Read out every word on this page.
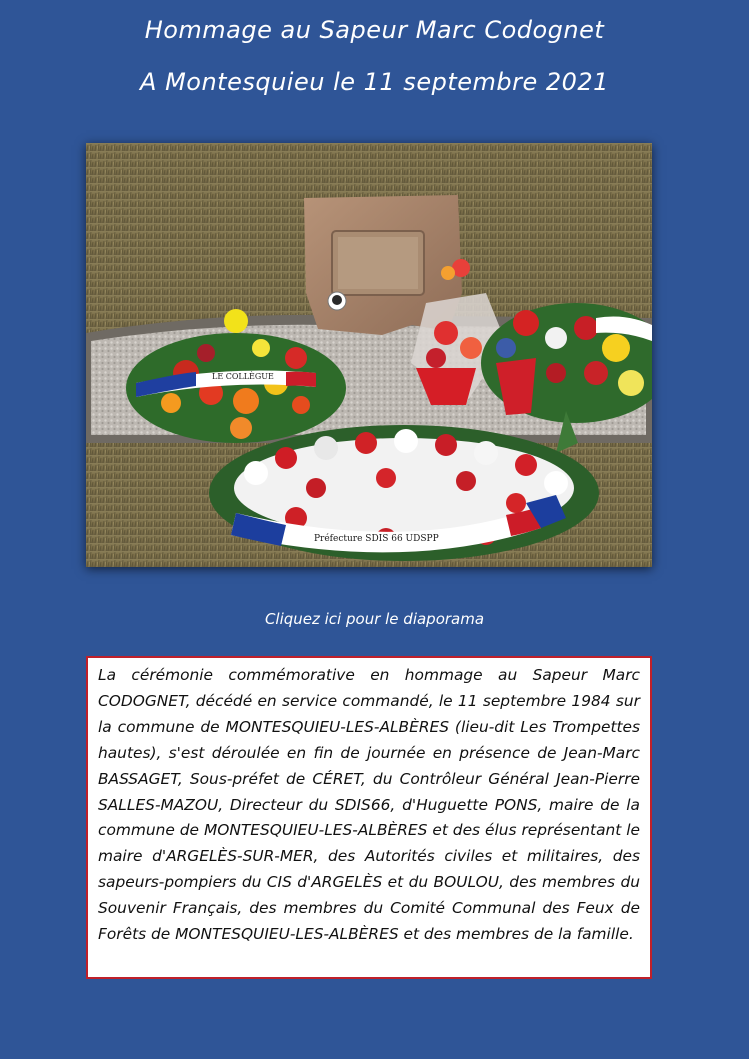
Hommage au Sapeur Marc Codognet
A Montesquieu le 11 septembre 2021
LE COLLÈGUE
Préfecture SDIS 66 UDSPP
Cliquez ici pour le diaporama

La cérémonie commémorative en hommage au Sapeur Marc CODOGNET, décédé en service commandé, le 11 septembre 1984 sur la commune de MONTESQUIEU-LES-ALBÈRES (lieu-dit Les Trompettes hautes), s'est déroulée en fin de journée en présence de Jean-Marc BASSAGET, Sous-préfet de CÉRET, du Contrôleur Général Jean-Pierre SALLES-MAZOU, Directeur du SDIS66, d'Huguette PONS, maire de la commune de MONTESQUIEU-LES-ALBÈRES et des élus représentant le maire d'ARGELÈS-SUR-MER, des Autorités civiles et militaires, des sapeurs-pompiers du CIS d'ARGELÈS et du BOULOU, des membres du Souvenir Français, des membres du Comité Communal des Feux de Forêts de MONTESQUIEU-LES-ALBÈRES et des membres de la famille.
